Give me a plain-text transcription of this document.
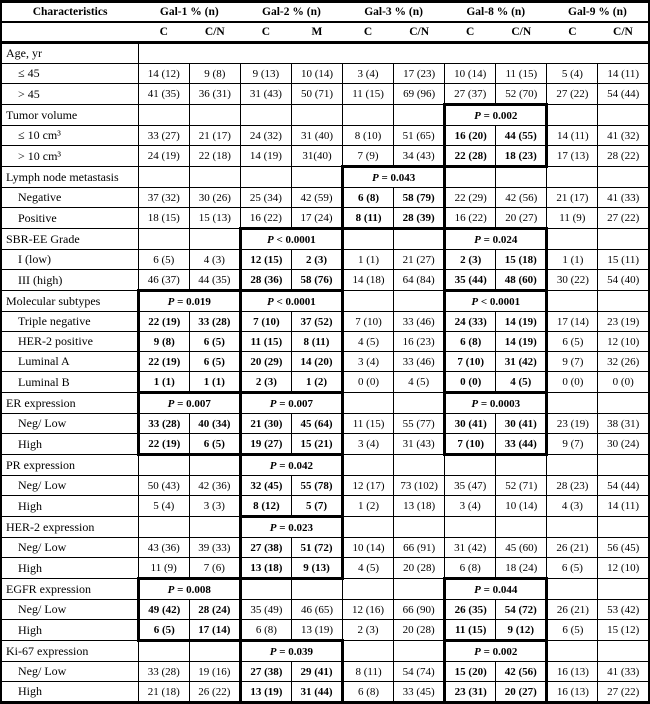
Characteristics	Gal-1 % (n)		Gal-2 % (n)		Gal-3 % (n)		Gal-8 % (n)		Gal-9 % (n)	
	C	C/N	C	M	C	C/N	C	C/N	C	C/N
Age, yr										
≤ 45	14 (12)	9 (8)	9 (13)	10 (14)	3 (4)	17 (23)	10 (14)	11 (15)	5 (4)	14 (11)
> 45	41 (35)	36 (31)	31 (43)	50 (71)	11 (15)	69 (96)	27 (37)	52 (70)	27 (22)	54 (44)
Tumor volume							P = 0.002			
≤ 10 cm³	33 (27)	21 (17)	24 (32)	31 (40)	8 (10)	51 (65)	16 (20)	44 (55)	14 (11)	41 (32)
> 10 cm³	24 (19)	22 (18)	14 (19)	31(40)	7 (9)	34 (43)	22 (28)	18 (23)	17 (13)	28 (22)
Lymph node metastasis					P = 0.043					
Negative	37 (32)	30 (26)	25 (34)	42 (59)	6 (8)	58 (79)	22 (29)	42 (56)	21 (17)	41 (33)
Positive	18 (15)	15 (13)	16 (22)	17 (24)	8 (11)	28 (39)	16 (22)	20 (27)	11 (9)	27 (22)
SBR-EE Grade			P < 0.0001				P = 0.024			
I (low)	6 (5)	4 (3)	12 (15)	2 (3)	1 (1)	21 (27)	2 (3)	15 (18)	1 (1)	15 (11)
III (high)	46 (37)	44 (35)	28 (36)	58 (76)	14 (18)	64 (84)	35 (44)	48 (60)	30 (22)	54 (40)
Molecular subtypes	P = 0.019		P < 0.0001				P < 0.0001			
Triple negative	22 (19)	33 (28)	7 (10)	37 (52)	7 (10)	33 (46)	24 (33)	14 (19)	17 (14)	23 (19)
HER-2 positive	9 (8)	6 (5)	11 (15)	8 (11)	4 (5)	16 (23)	6 (8)	14 (19)	6 (5)	12 (10)
Luminal A	22 (19)	6 (5)	20 (29)	14 (20)	3 (4)	33 (46)	7 (10)	31 (42)	9 (7)	32 (26)
Luminal B	1 (1)	1 (1)	2 (3)	1 (2)	0 (0)	4 (5)	0 (0)	4 (5)	0 (0)	0 (0)
ER expression	P = 0.007		P = 0.007				P = 0.0003			
Neg/ Low	33 (28)	40 (34)	21 (30)	45 (64)	11 (15)	55 (77)	30 (41)	30 (41)	23 (19)	38 (31)
High	22 (19)	6 (5)	19 (27)	15 (21)	3 (4)	31 (43)	7 (10)	33 (44)	9 (7)	30 (24)
PR expression			P = 0.042							
Neg/ Low	50 (43)	42 (36)	32 (45)	55 (78)	12 (17)	73 (102)	35 (47)	52 (71)	28 (23)	54 (44)
High	5 (4)	3 (3)	8 (12)	5 (7)	1 (2)	13 (18)	3 (4)	10 (14)	4 (3)	14 (11)
HER-2 expression			P = 0.023							
Neg/ Low	43 (36)	39 (33)	27 (38)	51 (72)	10 (14)	66 (91)	31 (42)	45 (60)	26 (21)	56 (45)
High	11 (9)	7 (6)	13 (18)	9 (13)	4 (5)	20 (28)	6 (8)	18 (24)	6 (5)	12 (10)
EGFR expression	P = 0.008						P = 0.044			
Neg/ Low	49 (42)	28 (24)	35 (49)	46 (65)	12 (16)	66 (90)	26 (35)	54 (72)	26 (21)	53 (42)
High	6 (5)	17 (14)	6 (8)	13 (19)	2 (3)	20 (28)	11 (15)	9 (12)	6 (5)	15 (12)
Ki-67 expression			P = 0.039				P = 0.002			
Neg/ Low	33 (28)	19 (16)	27 (38)	29 (41)	8 (11)	54 (74)	15 (20)	42 (56)	16 (13)	41 (33)
High	21 (18)	26 (22)	13 (19)	31 (44)	6 (8)	33 (45)	23 (31)	20 (27)	16 (13)	27 (22)
